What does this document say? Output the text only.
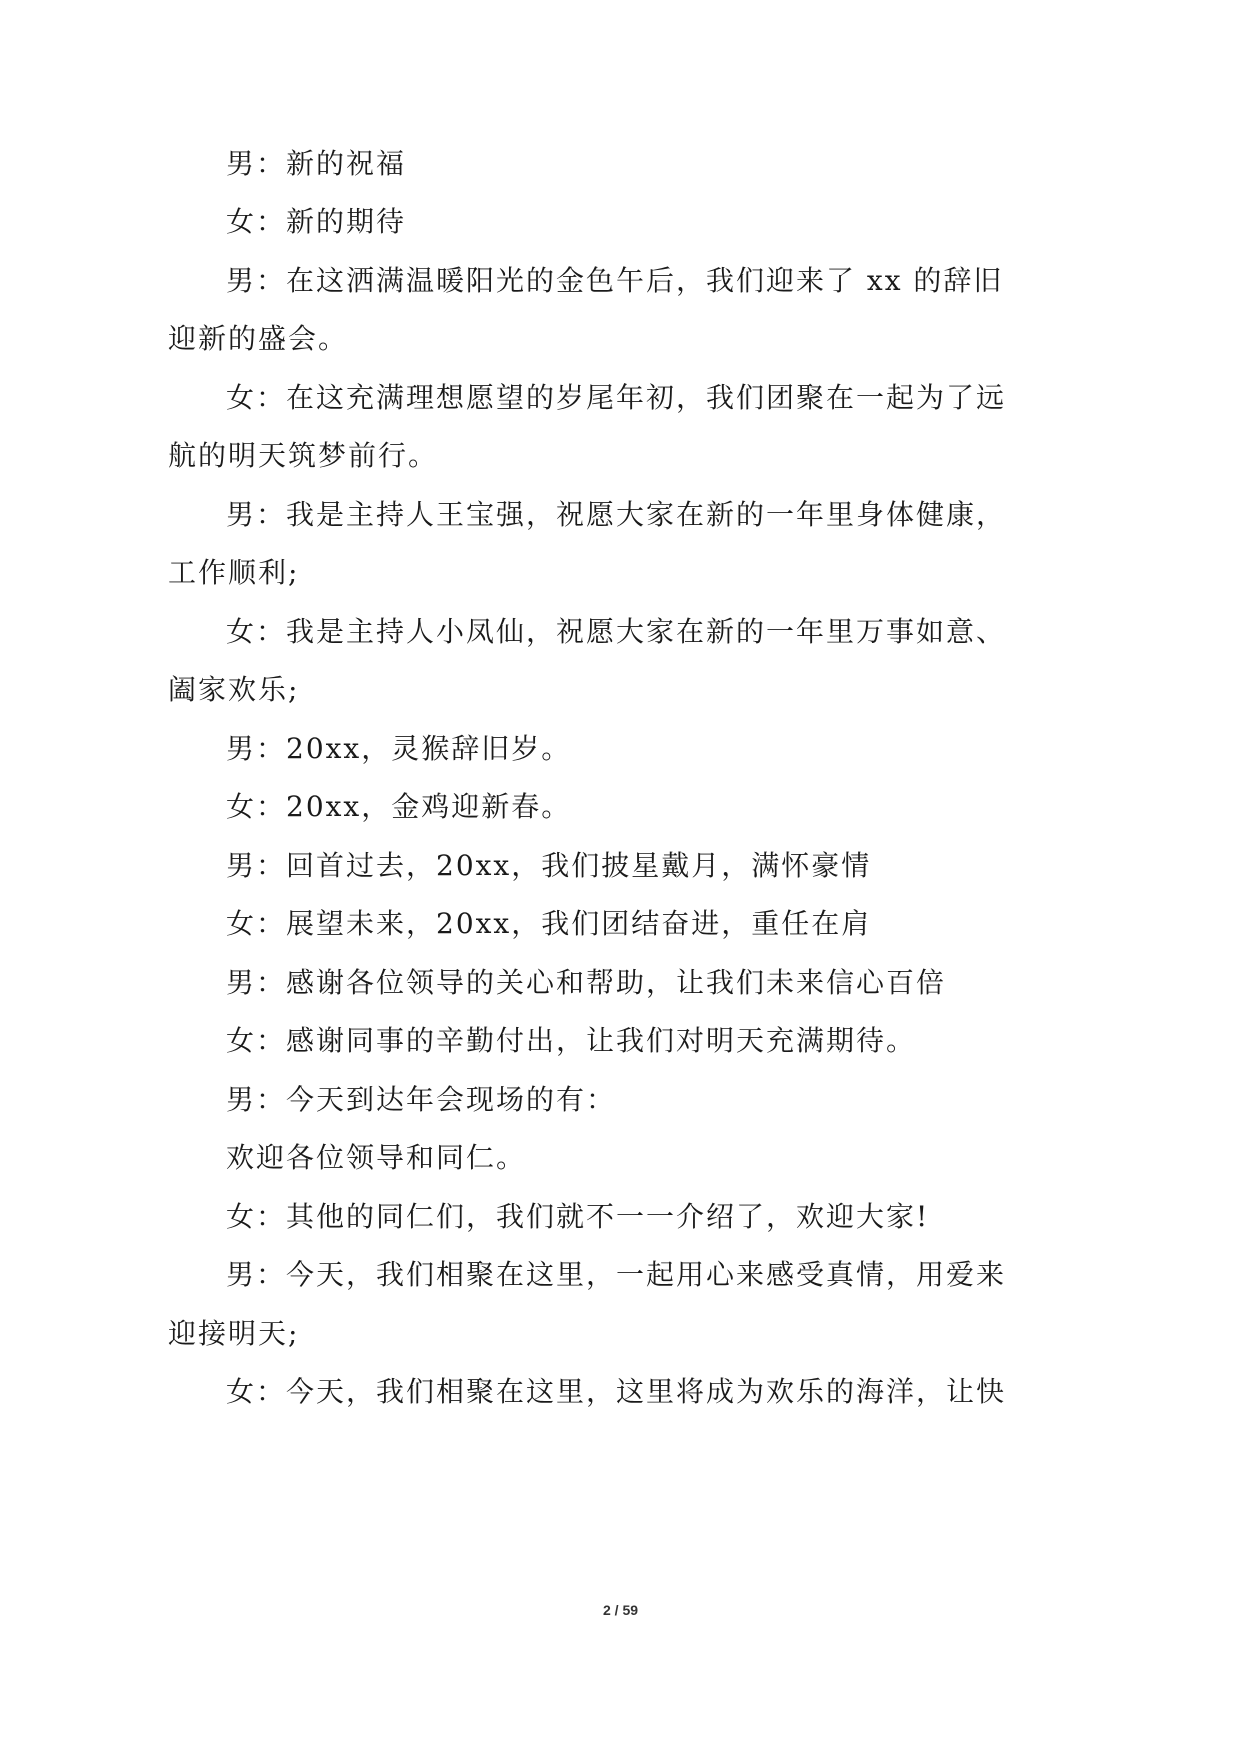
男：新的祝福
女：新的期待
男：在这洒满温暖阳光的金色午后，我们迎来了 xx 的辞旧
迎新的盛会。
女：在这充满理想愿望的岁尾年初，我们团聚在一起为了远
航的明天筑梦前行。
男：我是主持人王宝强，祝愿大家在新的一年里身体健康，
工作顺利;
女：我是主持人小凤仙，祝愿大家在新的一年里万事如意、
阖家欢乐;
男：20xx，灵猴辞旧岁。
女：20xx，金鸡迎新春。
男：回首过去，20xx，我们披星戴月，满怀豪情
女：展望未来，20xx，我们团结奋进，重任在肩
男：感谢各位领导的关心和帮助，让我们未来信心百倍
女：感谢同事的辛勤付出，让我们对明天充满期待。
男：今天到达年会现场的有：
欢迎各位领导和同仁。
女：其他的同仁们，我们就不一一介绍了，欢迎大家!
男：今天，我们相聚在这里，一起用心来感受真情，用爱来
迎接明天;
女：今天，我们相聚在这里，这里将成为欢乐的海洋，让快
2 / 59
